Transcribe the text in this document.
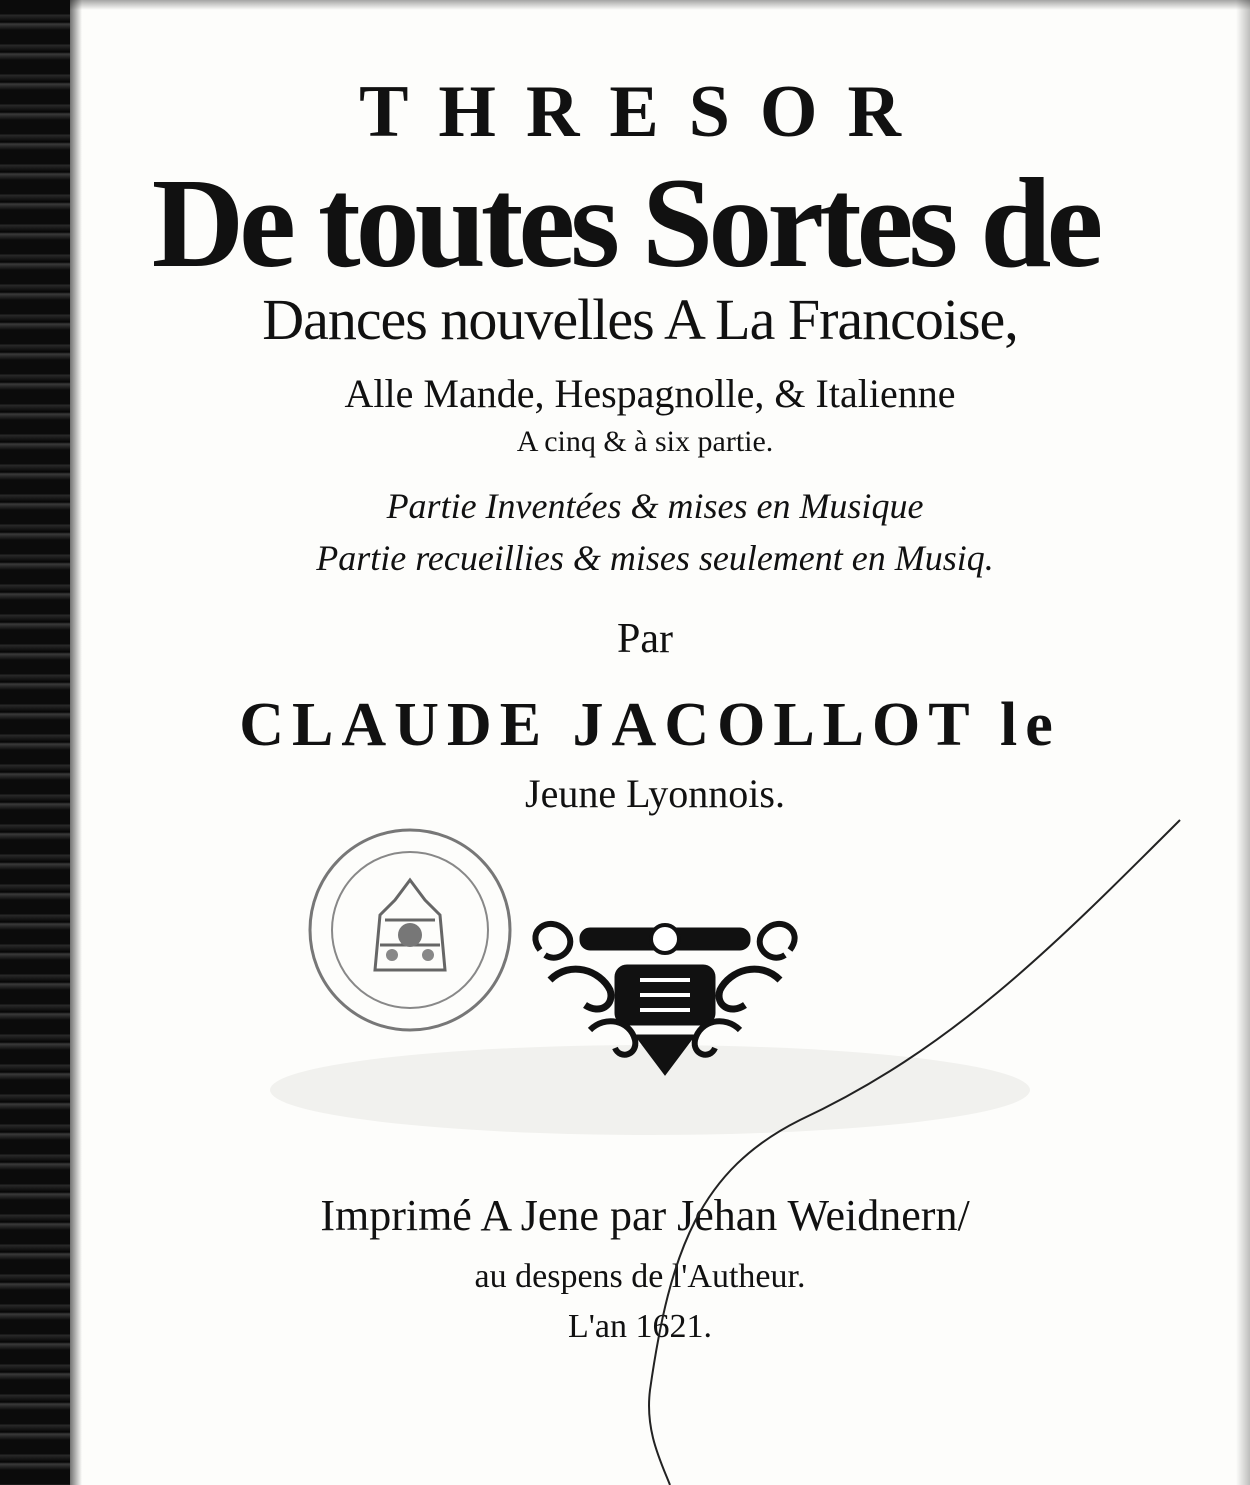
THRESOR
De toutes Sortes de
Dances nouvelles A La Francoise,
Alle Mande, Hespagnolle, & Italienne
A cinq & à six partie.
Partie Inventées & mises en Musique
Partie recueillies & mises seulement en Musiq.
Par
CLAUDE JACOLLOT le
Jeune Lyonnois.
Imprimé A Jene par Jehan Weidnern/
au despens de l'Autheur.
L'an 1621.
